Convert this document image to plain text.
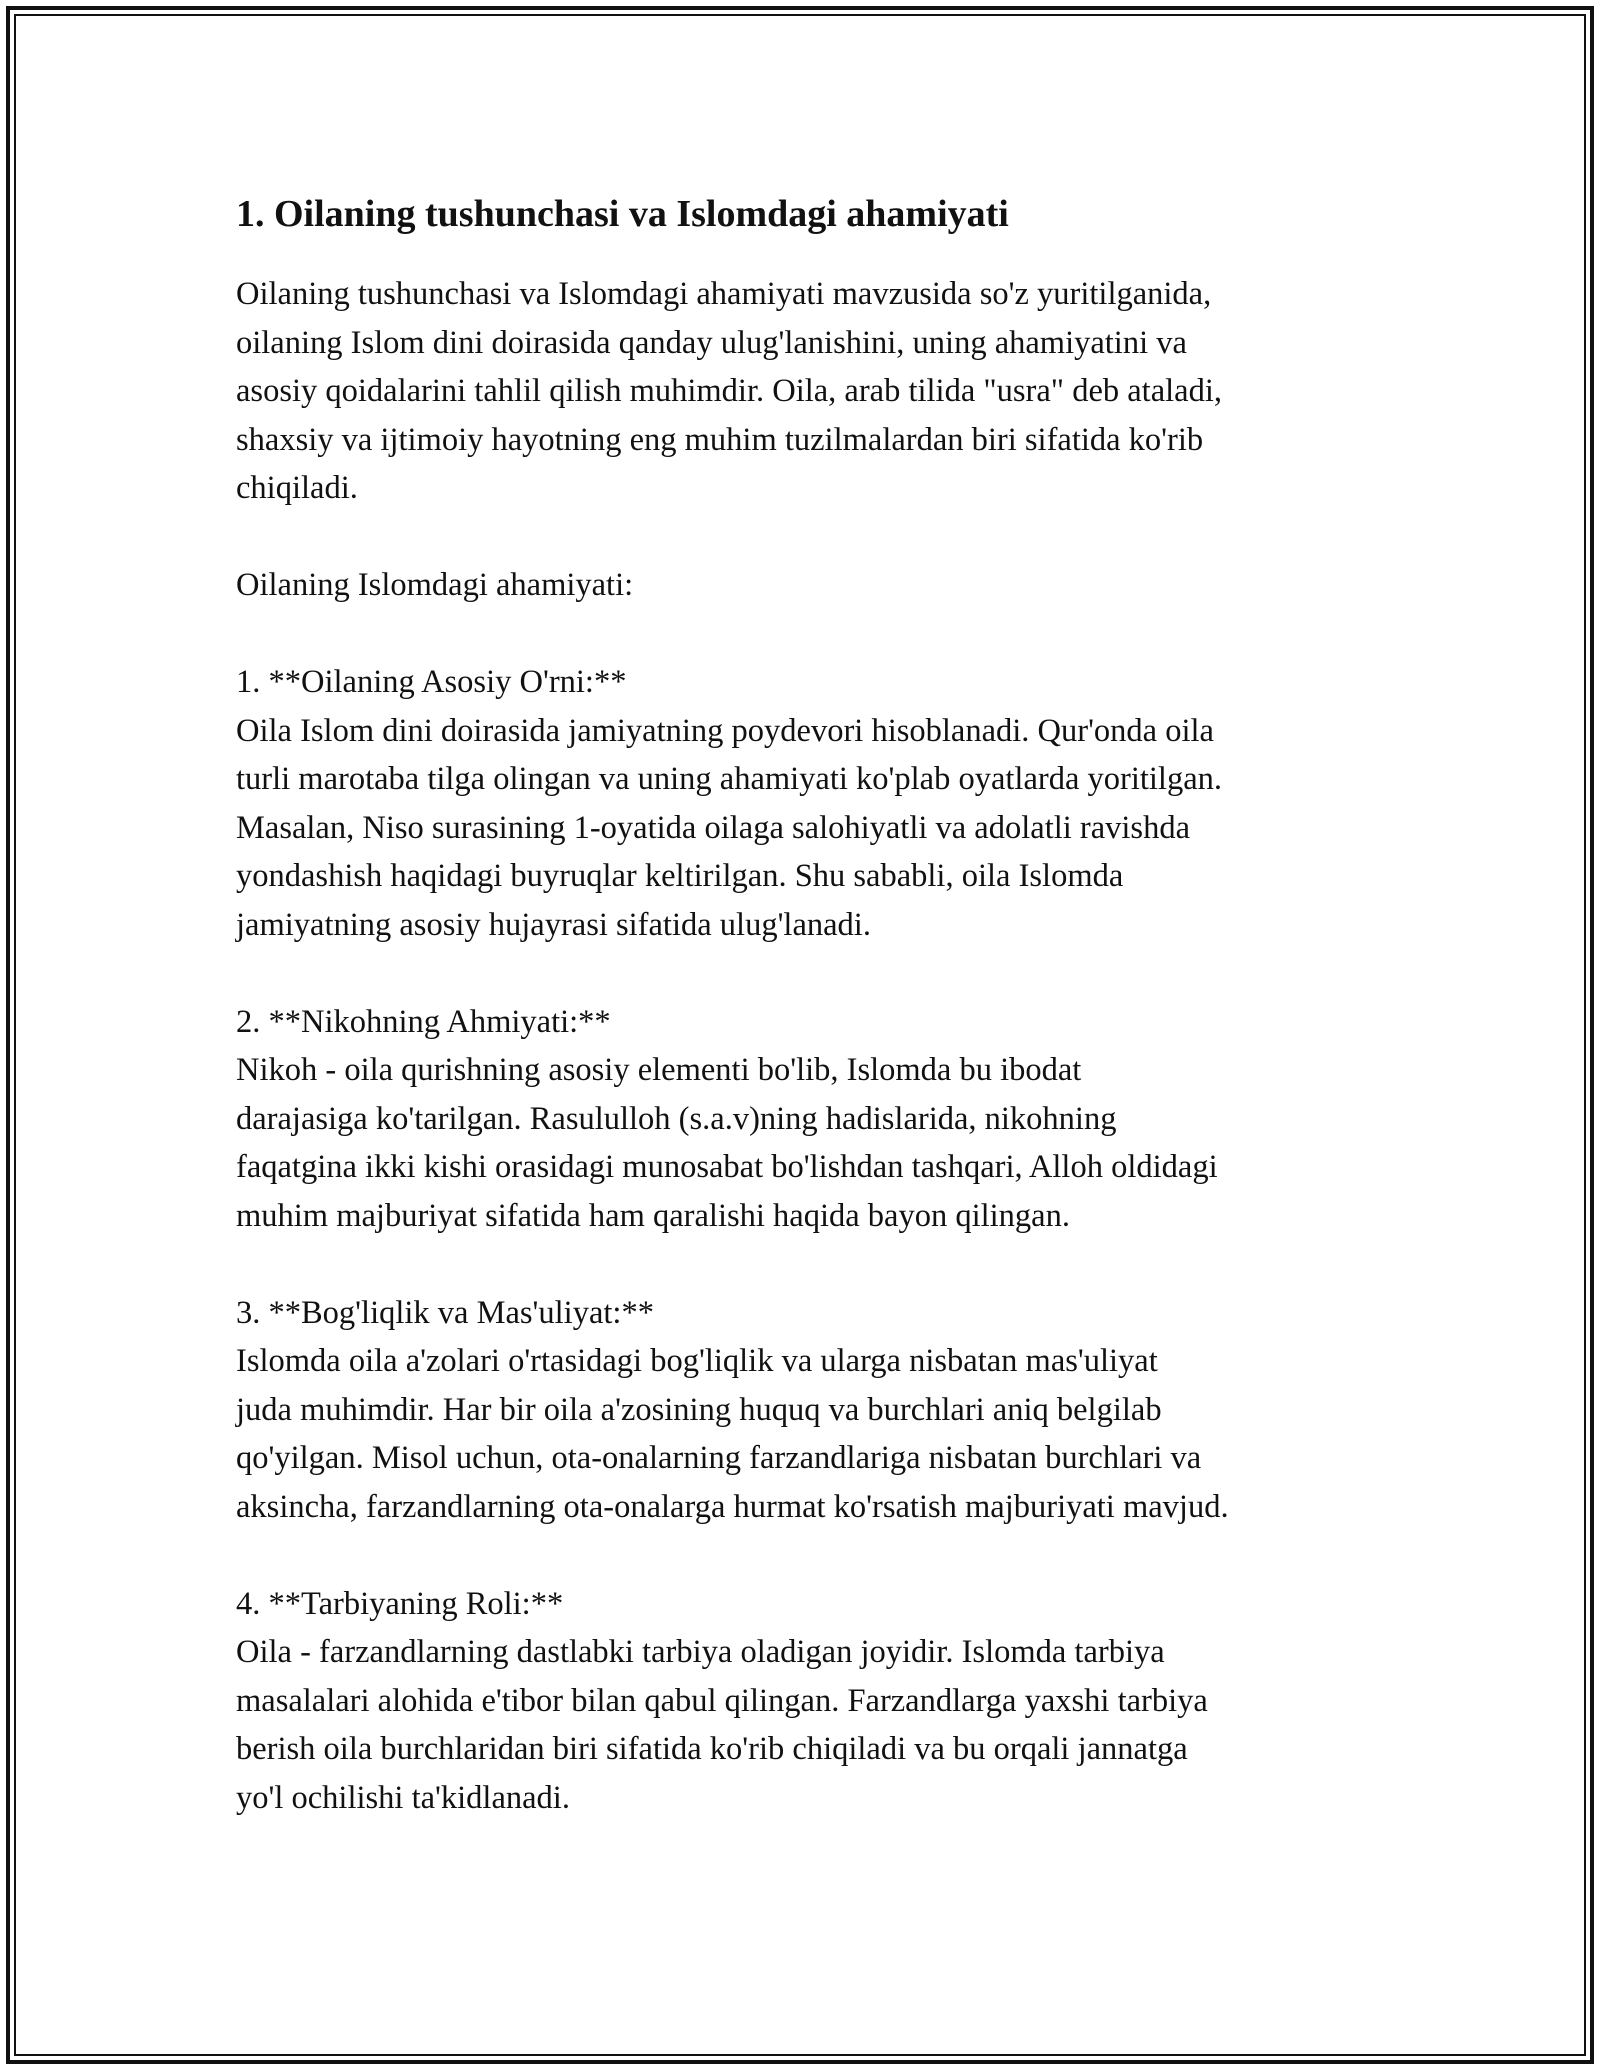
1. Oilaning tushunchasi va Islomdagi ahamiyati

Oilaning tushunchasi va Islomdagi ahamiyati mavzusida so'z yuritilganida,
oilaning Islom dini doirasida qanday ulug'lanishini, uning ahamiyatini va
asosiy qoidalarini tahlil qilish muhimdir. Oila, arab tilida "usra" deb ataladi,
shaxsiy va ijtimoiy hayotning eng muhim tuzilmalardan biri sifatida ko'rib
chiqiladi.

Oilaning Islomdagi ahamiyati:

1. **Oilaning Asosiy O'rni:**

Oila Islom dini doirasida jamiyatning poydevori hisoblanadi. Qur'onda oila
turli marotaba tilga olingan va uning ahamiyati ko'plab oyatlarda yoritilgan.
Masalan, Niso surasining 1-oyatida oilaga salohiyatli va adolatli ravishda
yondashish haqidagi buyruqlar keltirilgan. Shu sababli, oila Islomda
jamiyatning asosiy hujayrasi sifatida ulug'lanadi.

2. **Nikohning Ahmiyati:**

Nikoh - oila qurishning asosiy elementi bo'lib, Islomda bu ibodat
darajasiga ko'tarilgan. Rasululloh (s.a.v)ning hadislarida, nikohning
faqatgina ikki kishi orasidagi munosabat bo'lishdan tashqari, Alloh oldidagi
muhim majburiyat sifatida ham qaralishi haqida bayon qilingan.

3. **Bog'liqlik va Mas'uliyat:**

Islomda oila a'zolari o'rtasidagi bog'liqlik va ularga nisbatan mas'uliyat
juda muhimdir. Har bir oila a'zosining huquq va burchlari aniq belgilab
qo'yilgan. Misol uchun, ota-onalarning farzandlariga nisbatan burchlari va
aksincha, farzandlarning ota-onalarga hurmat ko'rsatish majburiyati mavjud.

4. **Tarbiyaning Roli:**

Oila - farzandlarning dastlabki tarbiya oladigan joyidir. Islomda tarbiya
masalalari alohida e'tibor bilan qabul qilingan. Farzandlarga yaxshi tarbiya
berish oila burchlaridan biri sifatida ko'rib chiqiladi va bu orqali jannatga
yo'l ochilishi ta'kidlanadi.
